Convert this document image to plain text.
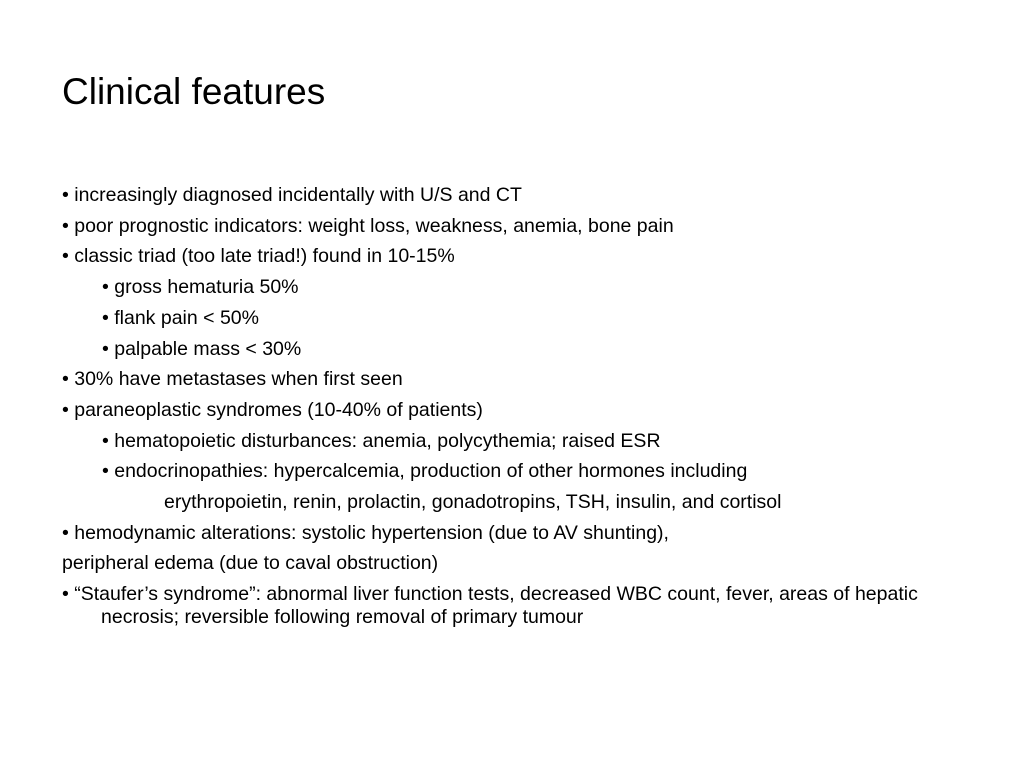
Clinical features
• increasingly diagnosed incidentally with U/S and CT
• poor prognostic indicators: weight loss, weakness, anemia, bone pain
• classic triad (too late triad!) found in 10-15%
• gross hematuria 50%
• flank pain < 50%
• palpable mass < 30%
• 30% have metastases when first seen
• paraneoplastic syndromes (10-40% of patients)
• hematopoietic disturbances: anemia, polycythemia; raised ESR
• endocrinopathies: hypercalcemia, production of other hormones including
erythropoietin, renin, prolactin, gonadotropins, TSH, insulin, and cortisol
• hemodynamic alterations: systolic hypertension (due to AV shunting),
peripheral edema (due to caval obstruction)
• “Staufer’s syndrome”: abnormal liver function tests, decreased WBC count, fever, areas of hepatic necrosis; reversible following removal of primary tumour
